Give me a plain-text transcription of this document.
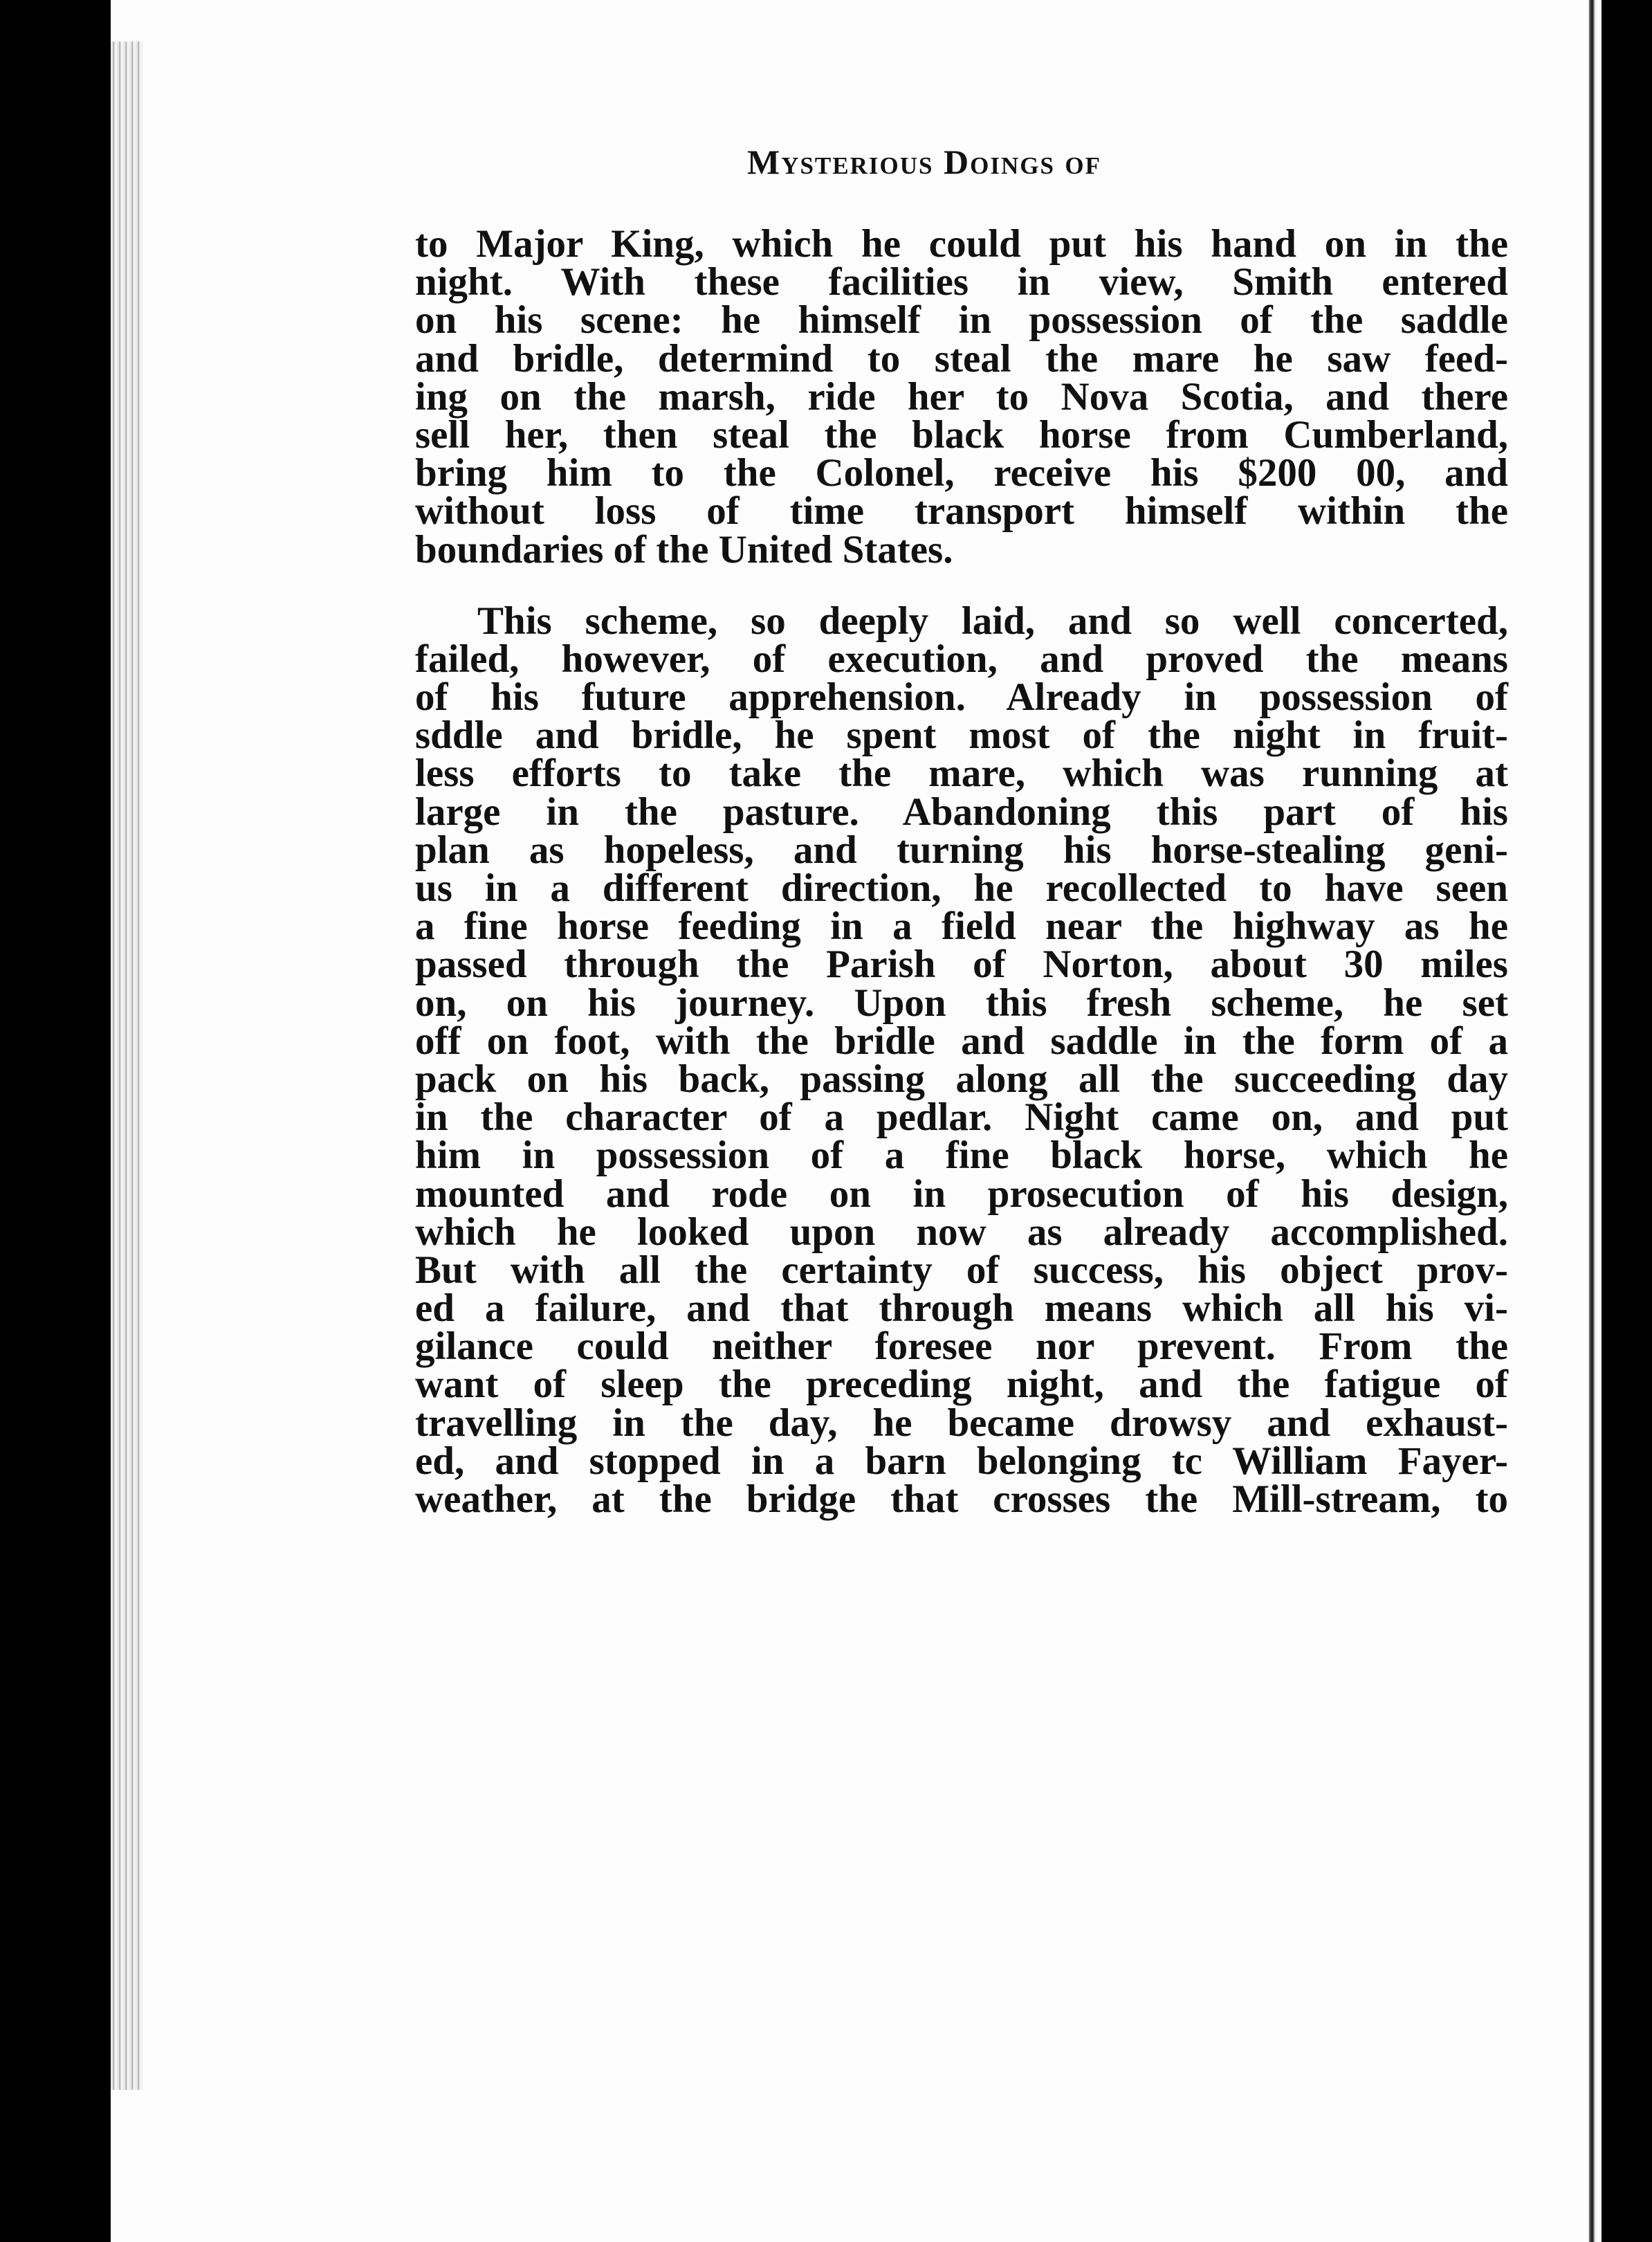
Mysterious Doings of
to Major King, which he could put his hand on in the
night. With these facilities in view, Smith entered
on his scene: he himself in possession of the saddle
and bridle, determind to steal the mare he saw feed-
ing on the marsh, ride her to Nova Scotia, and there
sell her, then steal the black horse from Cumberland,
bring him to the Colonel, receive his $200 00, and
without loss of time transport himself within the
boundaries of the United States.
This scheme, so deeply laid, and so well concerted,
failed, however, of execution, and proved the means
of his future apprehension. Already in possession of
sddle and bridle, he spent most of the night in fruit-
less efforts to take the mare, which was running at
large in the pasture. Abandoning this part of his
plan as hopeless, and turning his horse-stealing geni-
us in a different direction, he recollected to have seen
a fine horse feeding in a field near the highway as he
passed through the Parish of Norton, about 30 miles
on, on his journey. Upon this fresh scheme, he set
off on foot, with the bridle and saddle in the form of a
pack on his back, passing along all the succeeding day
in the character of a pedlar. Night came on, and put
him in possession of a fine black horse, which he
mounted and rode on in prosecution of his design,
which he looked upon now as already accomplished.
But with all the certainty of success, his object prov-
ed a failure, and that through means which all his vi-
gilance could neither foresee nor prevent. From the
want of sleep the preceding night, and the fatigue of
travelling in the day, he became drowsy and exhaust-
ed, and stopped in a barn belonging tc William Fayer-
weather, at the bridge that crosses the Mill-stream, to
